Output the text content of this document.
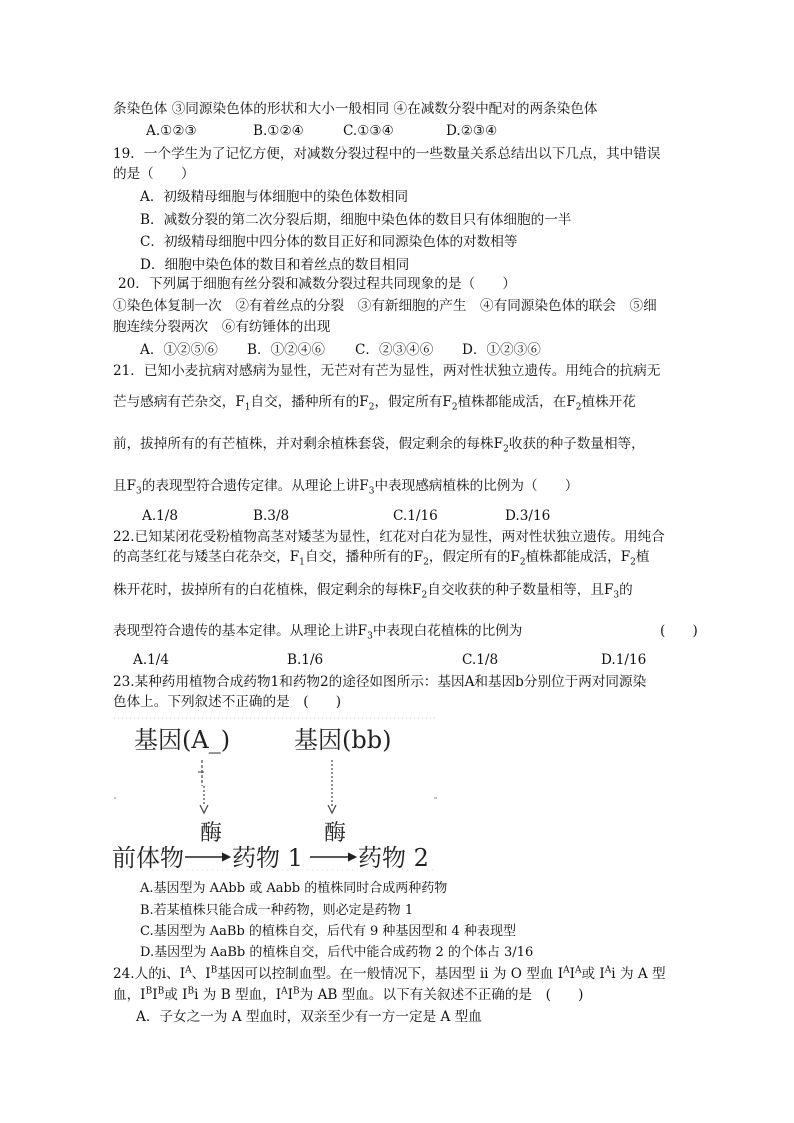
条染色体 ③同源染色体的形状和大小一般相同 ④在减数分裂中配对的两条染色体
A.①②③	B.①②④	C.①③④	D.②③④
19．一个学生为了记忆方便，对减数分裂过程中的一些数量关系总结出以下几点，其中错误
的是（　　）
A．初级精母细胞与体细胞中的染色体数相同
B．减数分裂的第二次分裂后期，细胞中染色体的数目只有体细胞的一半
C．初级精母细胞中四分体的数目正好和同源染色体的对数相等
D．细胞中染色体的数目和着丝点的数目相同
20．下列属于细胞有丝分裂和减数分裂过程共同现象的是（　　）
①染色体复制一次　②有着丝点的分裂　③有新细胞的产生　④有同源染色体的联会　⑤细
胞连续分裂两次　⑥有纺锤体的出现
A．①②⑤⑥ B．①②④⑥ C．②③④⑥ D．①②③⑥
21．已知小麦抗病对感病为显性，无芒对有芒为显性，两对性状独立遗传。用纯合的抗病无
芒与感病有芒杂交，$F_1$自交，播种所有的$F_2$，假定所有$F_2$植株都能成活，在$F_2$植株开花
前，拔掉所有的有芒植株，并对剩余植株套袋，假定剩余的每株$F_2$收获的种子数量相等，
且$F_3$的表现型符合遗传定律。从理论上讲$F_3$中表现感病植株的比例为（　　）
A.1/8	B.3/8	C.1/16	D.3/16
22.已知某闭花受粉植物高茎对矮茎为显性，红花对白花为显性，两对性状独立遗传。用纯合
的高茎红花与矮茎白花杂交，$F_1$自交，播种所有的$F_2$，假定所有的$F_2$植株都能成活，$F_2$植
株开花时，拔掉所有的白花植株，假定剩余的每株$F_2$自交收获的种子数量相等，且$F_3$的
表现型符合遗传的基本定律。从理论上讲$F_3$中表现白花植株的比例为	(　　)
A.1/4	B.1/6	C.1/8	D.1/16
23.某种药用植物合成药物1和药物2的途径如图所示：基因A和基因b分别位于两对同源染
色体上。下列叙述不正确的是　(　　)
基因(A_)	基因(bb)
酶	酶
前体物 药物 1 药物 2
A.基因型为 AAbb 或 Aabb 的植株同时合成两种药物
B.若某植株只能合成一种药物，则必定是药物 1
C.基因型为 AaBb 的植株自交，后代有 9 种基因型和 4 种表现型
D.基因型为 AaBb 的植株自交，后代中能合成药物 2 的个体占 3/16
24.人的i、$I^A$、$I^B$基因可以控制血型。在一般情况下，基因型 ii 为 O 型血 $I^AI^A$或 $I^Ai$ 为 A 型
血，$I^BI^B$或 $I^Bi$ 为 B 型血，$I^AI^B$为 AB 型血。以下有关叙述不正确的是　(　　)
A．子女之一为 A 型血时，双亲至少有一方一定是 A 型血
